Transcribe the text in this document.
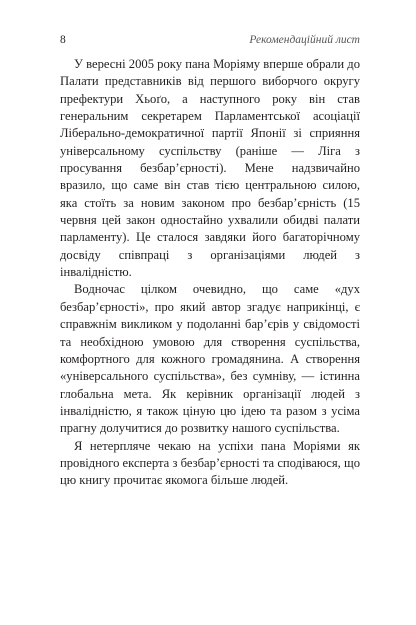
8	Рекомендаційний лист

У вересні 2005 року пана Моріяму вперше обрали до Палати представників від першого виборчого округу префектури Хьоґо, а наступного року він став генеральним секретарем Парламентської асоціації Ліберально-демократичної партії Японії зі сприяння універсальному суспільству (раніше — Ліга з просування безбар’єрності). Мене надзвичайно вразило, що саме він став тією центральною силою, яка стоїть за новим законом про безбар’єрність (15 червня цей закон одностайно ухвалили обидві палати парламенту). Це сталося завдяки його багаторічному досвіду співпраці з організаціями людей з інвалідністю.

Водночас цілком очевидно, що саме «дух безбар’єрності», про який автор згадує наприкінці, є справжнім викликом у подоланні бар’єрів у свідомості та необхідною умовою для створення суспільства, комфортного для кожного громадянина. А створення «універсального суспільства», без сумніву, — істинна глобальна мета. Як керівник організації людей з інвалідністю, я також ціную цю ідею та разом з усіма прагну долучитися до розвитку нашого суспільства.

Я нетерпляче чекаю на успіхи пана Моріями як провідного експерта з безбар’єрності та сподіваюся, що цю книгу прочитає якомога більше людей.
